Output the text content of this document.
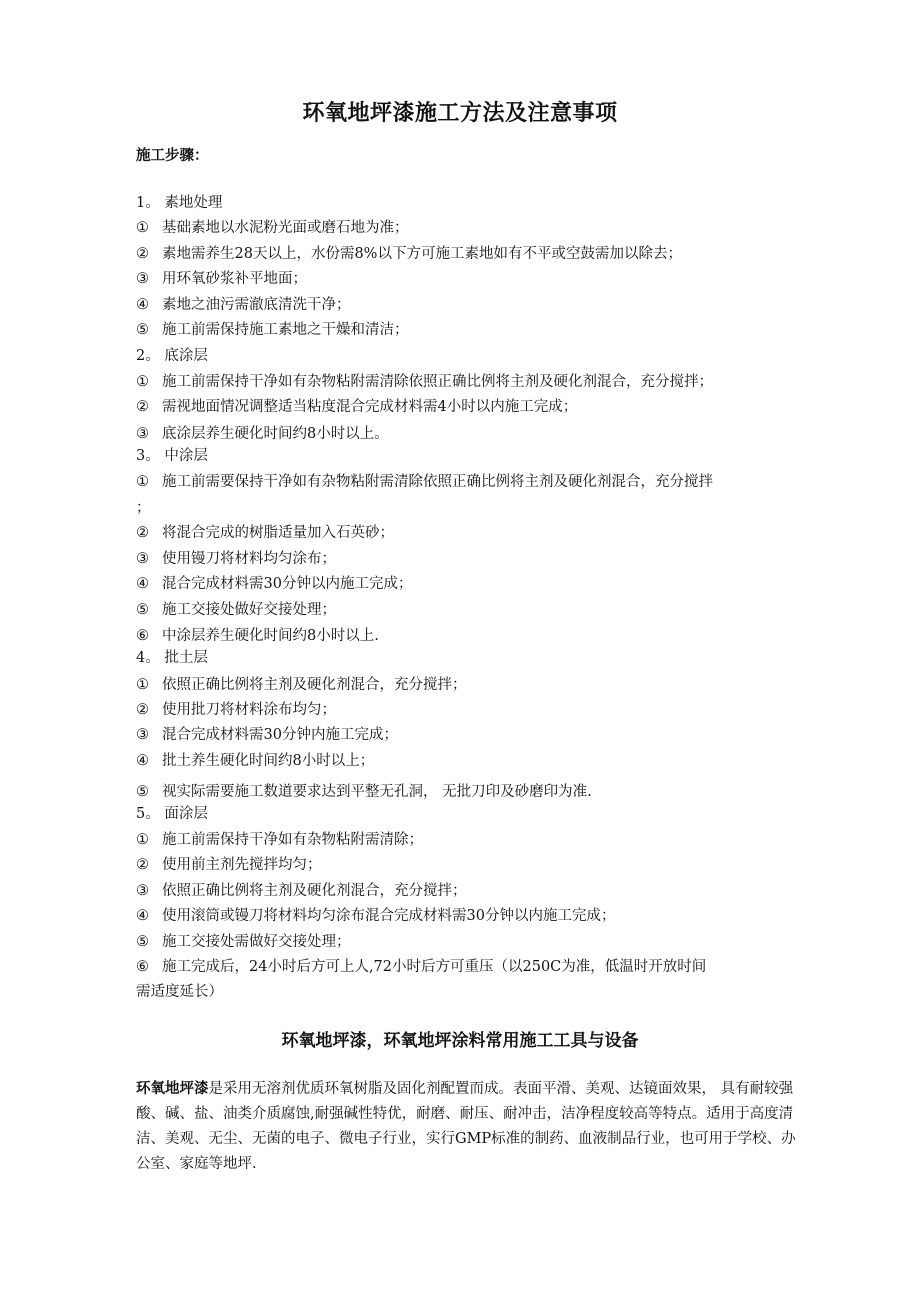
环氧地坪漆施工方法及注意事项
施工步骤：
1。 素地处理
① 基础素地以水泥粉光面或磨石地为准；
② 素地需养生28天以上，水份需8%以下方可施工素地如有不平或空鼓需加以除去；
③ 用环氧砂浆补平地面；
④ 素地之油污需澈底清洗干净；
⑤ 施工前需保持施工素地之干燥和清洁；
2。 底涂层
① 施工前需保持干净如有杂物粘附需清除依照正确比例将主剂及硬化剂混合，充分搅拌；
② 需视地面情况调整适当粘度混合完成材料需4小时以内施工完成；
③ 底涂层养生硬化时间约8小时以上。
3。 中涂层
① 施工前需要保持干净如有杂物粘附需清除依照正确比例将主剂及硬化剂混合，充分搅拌
；
② 将混合完成的树脂适量加入石英砂；
③ 使用镘刀将材料均匀涂布；
④ 混合完成材料需30分钟以内施工完成；
⑤ 施工交接处做好交接处理；
⑥ 中涂层养生硬化时间约8小时以上.
4。 批土层
① 依照正确比例将主剂及硬化剂混合，充分搅拌；
② 使用批刀将材料涂布均匀；
③ 混合完成材料需30分钟内施工完成；
④ 批土养生硬化时间约8小时以上；
⑤ 视实际需要施工数道要求达到平整无孔洞， 无批刀印及砂磨印为准.
5。 面涂层
① 施工前需保持干净如有杂物粘附需清除；
② 使用前主剂先搅拌均匀；
③ 依照正确比例将主剂及硬化剂混合，充分搅拌；
④ 使用滚筒或镘刀将材料均匀涂布混合完成材料需30分钟以内施工完成；
⑤ 施工交接处需做好交接处理；
⑥ 施工完成后，24小时后方可上人,72小时后方可重压（以250C为准，低温时开放时间
需适度延长）
环氧地坪漆，环氧地坪涂料常用施工工具与设备
环氧地坪漆是采用无溶剂优质环氧树脂及固化剂配置而成。表面平滑、美观、达镜面效果， 具有耐较强酸、碱、盐、油类介质腐蚀,耐强碱性特优，耐磨、耐压、耐冲击，洁净程度较高等特点。适用于高度清洁、美观、无尘、无菌的电子、微电子行业，实行GMP标准的制药、血液制品行业，也可用于学校、办公室、家庭等地坪.
